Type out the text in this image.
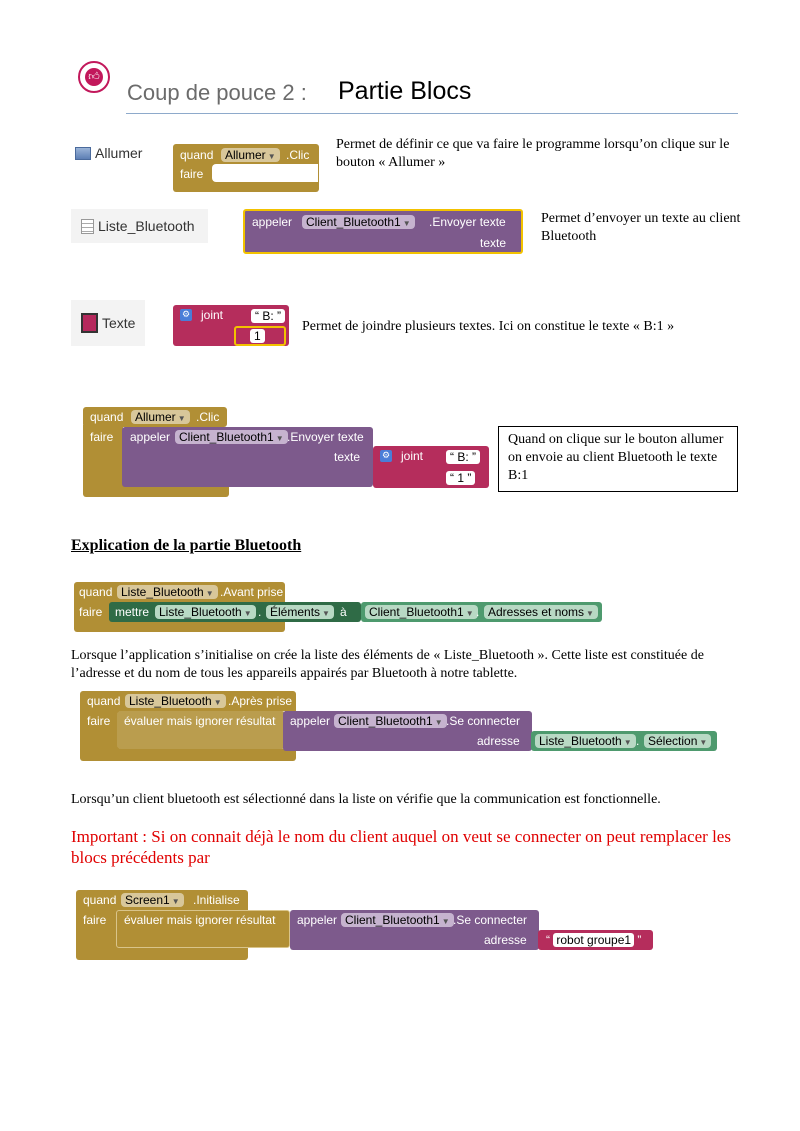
👍︎
Coup de pouce 2 : Partie Blocs
Allumer	quand Allumer ▼ .Clic
faire
Permet de définir ce que va faire le programme lorsqu’on clique sur le bouton « Allumer »
Liste_Bluetooth	appeler	Client_Bluetooth1 ▼	.Envoyer texte
texte
Permet d’envoyer un texte au client Bluetooth
Texte	⚙ joint	“ B: ”
1
Permet de joindre plusieurs textes. Ici on constitue le texte « B:1 »
quand Allumer ▼ .Clic
faire appeler Client_Bluetooth1 ▼ .Envoyer texte
texte ⚙ joint	“ B: ”
“ 1 ”
Quand on clique sur le bouton allumer on envoie au client Bluetooth le texte B:1
Explication de la partie Bluetooth
quand Liste_Bluetooth ▼ .Avant prise
faire mettre Liste_Bluetooth ▼ . Éléments ▼ à	Client_Bluetooth1 ▼ . Adresses et noms ▼
Lorsque l’application s’initialise on crée la liste des éléments de « Liste_Bluetooth ». Cette liste est constituée de l’adresse et du nom de tous les appareils appairés par Bluetooth à notre tablette.
quand Liste_Bluetooth ▼ .Après prise
faire évaluer mais ignorer résultat appeler Client_Bluetooth1 ▼ .Se connecter
adresse	Liste_Bluetooth ▼ . Sélection ▼
Lorsqu’un client bluetooth est sélectionné dans la liste on vérifie que la communication est fonctionnelle.
Important : Si on connait déjà le nom du client auquel on veut se connecter on peut remplacer les blocs précédents par
quand Screen1 ▼	.Initialise
faire évaluer mais ignorer résultat appeler Client_Bluetooth1 ▼ .Se connecter
adresse	“ robot groupe1 ”
